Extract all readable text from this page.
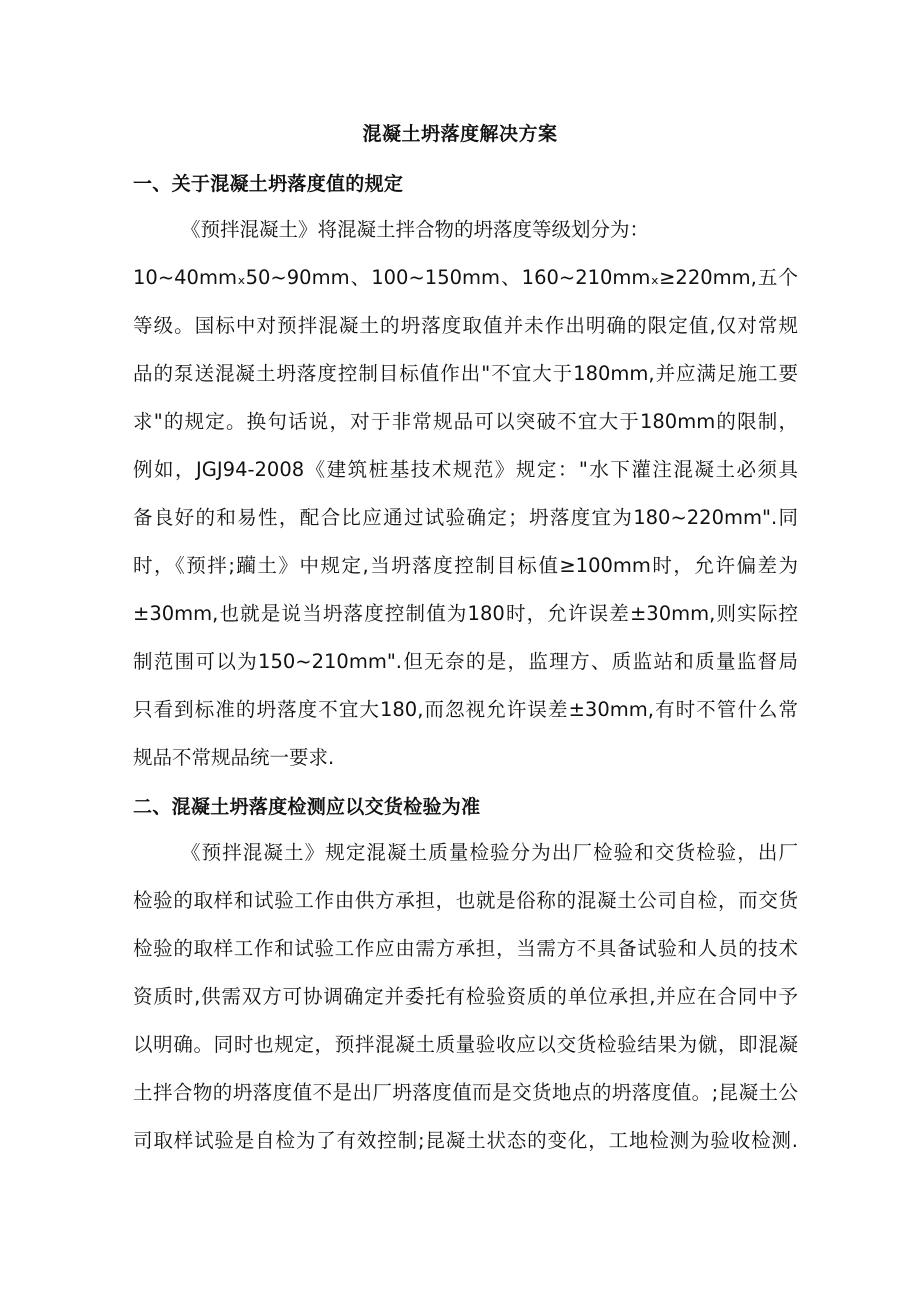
混凝土坍落度解决方案
一、关于混凝土坍落度值的规定
《预拌混凝土》将混凝土拌合物的坍落度等级划分为：
10~40mmₓ50~90mm、100~150mm、160~210mmₓ≥220mm,五个
等级。国标中对预拌混凝土的坍落度取值并未作出明确的限定值,仅对常规
品的泵送混凝土坍落度控制目标值作出"不宜大于180mm,并应满足施工要
求"的规定。换句话说，对于非常规品可以突破不宜大于180mm的限制，
例如，JGJ94-2008《建筑桩基技术规范》规定："水下灌注混凝土必须具
备良好的和易性，配合比应通过试验确定；坍落度宜为180~220mm".同
时，《预拌;躏土》中规定,当坍落度控制目标值≥100mm时，允许偏差为
±30mm,也就是说当坍落度控制值为180时，允许误差±30mm,则实际控
制范围可以为150~210mm".但无奈的是，监理方、质监站和质量监督局
只看到标准的坍落度不宜大180,而忽视允许误差±30mm,有时不管什么常
规品不常规品统一要求.
二、混凝土坍落度检测应以交货检验为准
《预拌混凝土》规定混凝土质量检验分为出厂检验和交货检验，出厂
检验的取样和试验工作由供方承担，也就是俗称的混凝土公司自检，而交货
检验的取样工作和试验工作应由需方承担，当需方不具备试验和人员的技术
资质时,供需双方可协调确定并委托有检验资质的单位承担,并应在合同中予
以明确。同时也规定，预拌混凝土质量验收应以交货检验结果为僦，即混凝
土拌合物的坍落度值不是出厂坍落度值而是交货地点的坍落度值。;昆凝土公
司取样试验是自检为了有效控制;昆凝土状态的变化，工地检测为验收检测.
